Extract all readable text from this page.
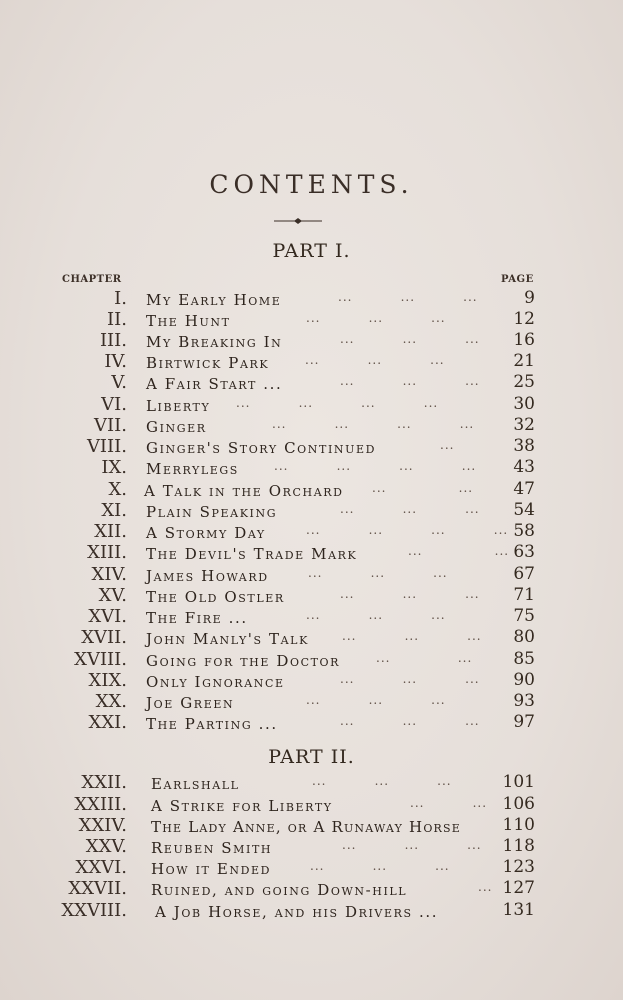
CONTENTS.
PART I.
CHAPTER	PAGE
I. My Early Home	...          ...          ...	9
II. The Hunt	...          ...          ...	12
III. My Breaking In	...          ...          ... 16
IV. Birtwick Park	...          ...          ...	21
V. A Fair Start ...	...          ...          ... 25
VI. Liberty ...          ...          ...          ...	30
VII. Ginger	...          ...          ...          ... 32
VIII. Ginger's Story Continued	...	38
IX. Merrylegs	...          ...          ...          ... 43
X. A Talk in the Orchard ...               ... 47
XI. Plain Speaking	...          ...          ... 54
XII. A Stormy Day	...          ...          ...          ... 58
XIII. The Devil's Trade Mark	...               ... 63
XIV. James Howard	...          ...          ...	67
XV. The Old Ostler	...          ...          ... 71
XVI. The Fire ...	...          ...          ...	75
XVII. John Manly's Talk	...          ...          ... 80
XVIII. Going for the Doctor	...              ... 85
XIX. Only Ignorance	...          ...          ... 90
XX. Joe Green	...          ...          ...	93
XXI. The Parting ...	...          ...          ... 97
PART II.
XXII. Earlshall	...          ...          ...	101
XXIII. A Strike for Liberty	...          ... 106
XXIV. The Lady Anne, or A Runaway Horse 110
XXV. Reuben Smith	...          ...          ... 118
XXVI. How it Ended	...          ...          ...	123
XXVII. Ruined, and going Down-hill	... 127
XXVIII. A Job Horse, and his Drivers ...	131
